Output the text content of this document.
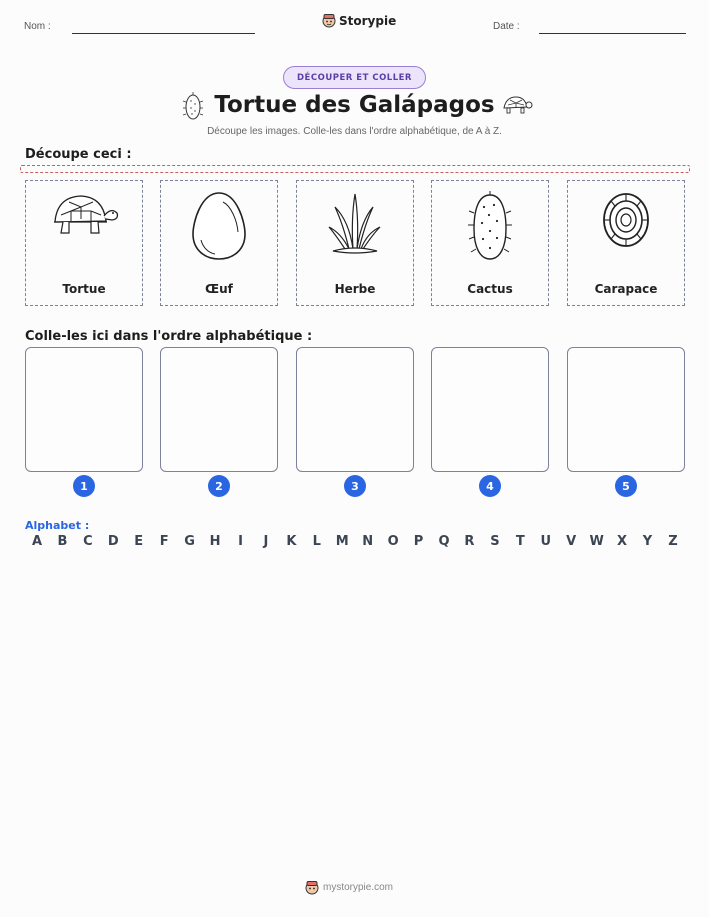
Nom :	Storypie	Date :
DÉCOUPER ET COLLER
Tortue des Galápagos
Découpe les images. Colle-les dans l'ordre alphabétique, de A à Z.
Découpe ceci :
Tortue	Œuf	Herbe	Cactus	Carapace
Colle-les ici dans l'ordre alphabétique :
1	2	3	4	5
Alphabet :
A	B	C	D	E	F	G	H	I	J	K	L	M	N	O	P	Q	R	S	T	U	V	W	X	Y	Z
mystorypie.com
